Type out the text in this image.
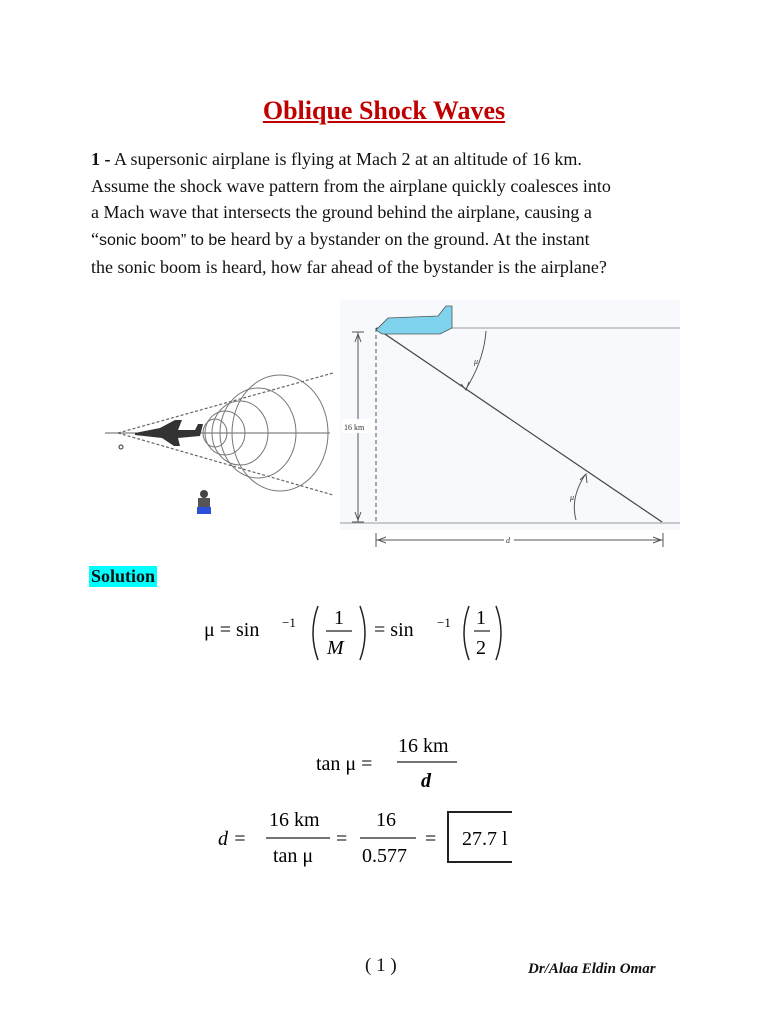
Oblique Shock Waves
1 - A supersonic airplane is flying at Mach 2 at an altitude of 16 km.
Assume the shock wave pattern from the airplane quickly coalesces into
a Mach wave that intersects the ground behind the airplane, causing a
“sonic boom” to be heard by a bystander on the ground. At the instant
the sonic boom is heard, how far ahead of the bystander is the airplane?
16 km
d
μ
μ
μ = sin −1 1
M
= sin −1 1
2
tan μ =
16 km
d
d =
16 km
tan μ
=
16
0.577
= 27.7 l
Solution
( 1 )	Dr/Alaa Eldin Omar
